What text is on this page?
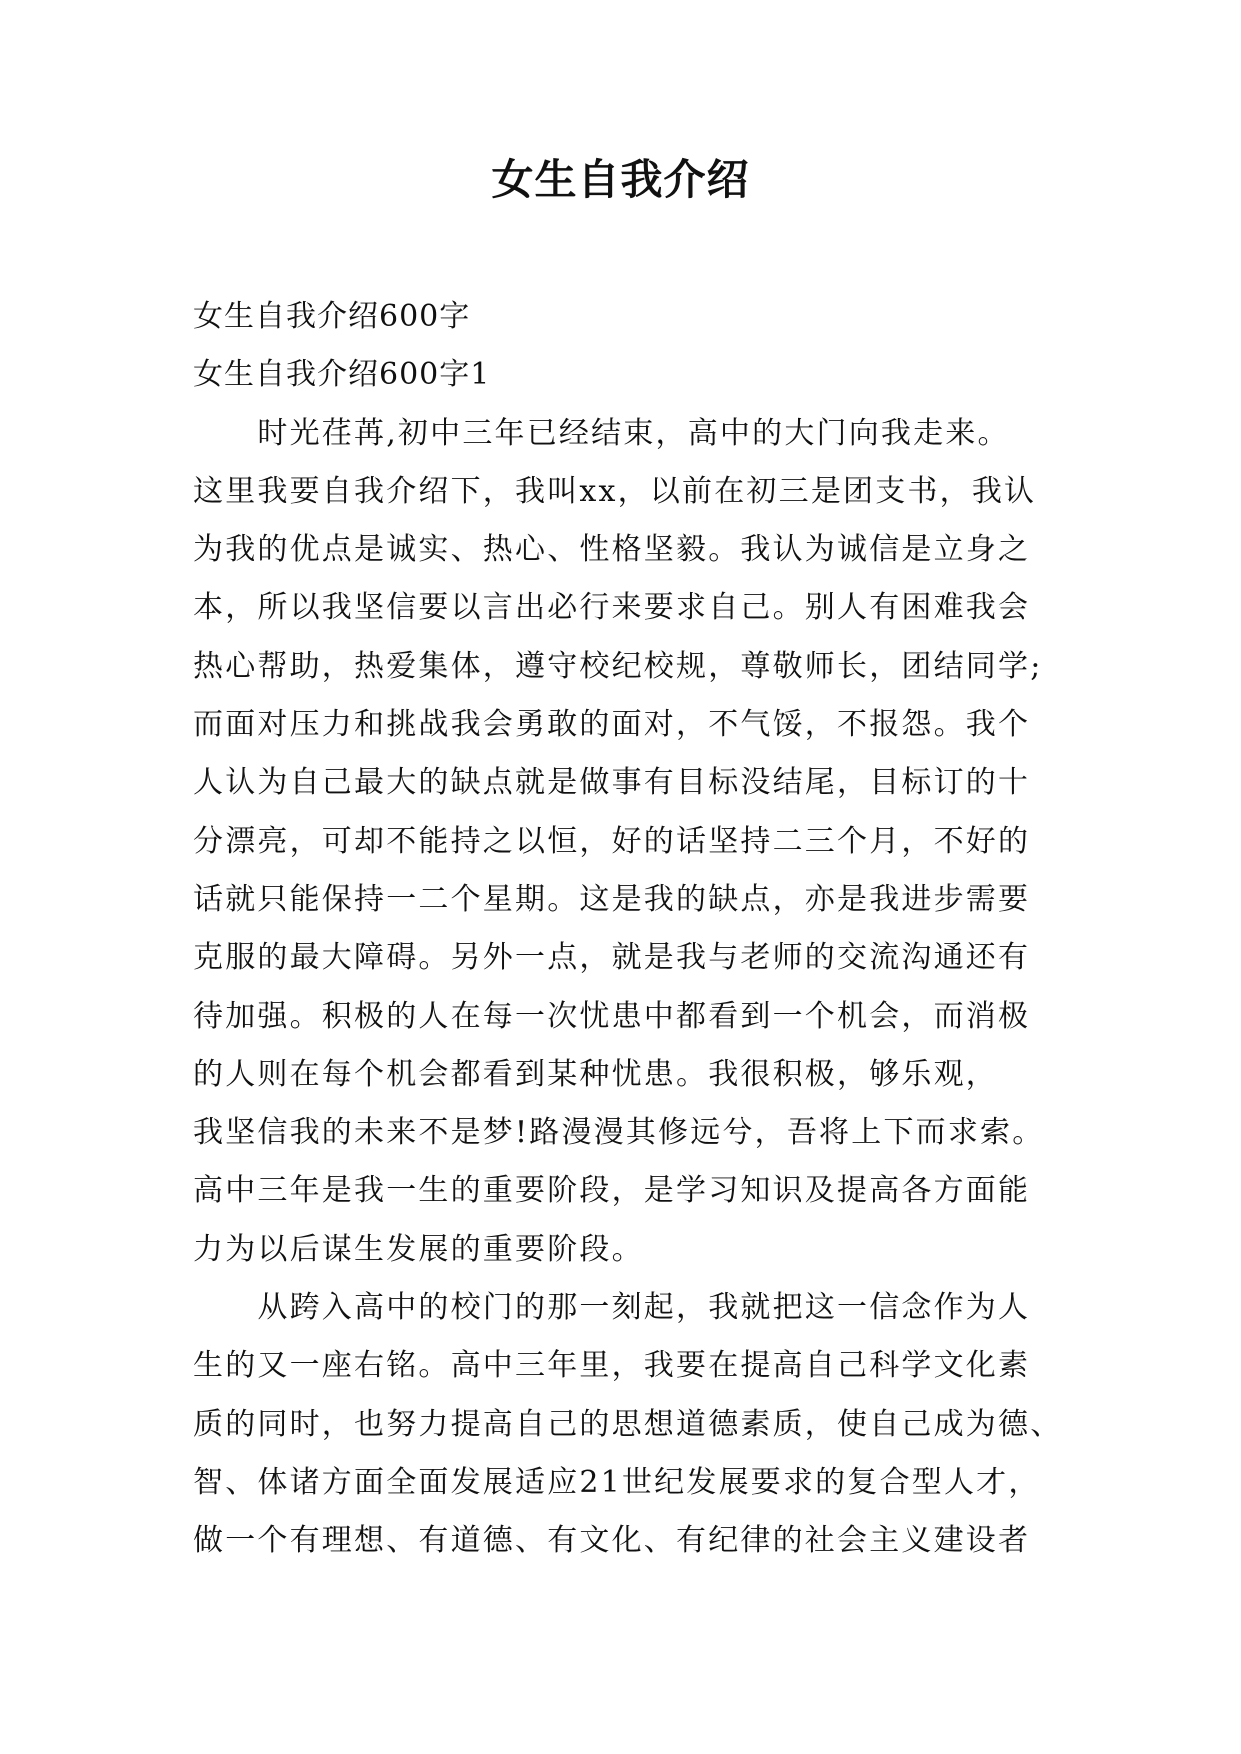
女生自我介绍
女生自我介绍600字
女生自我介绍600字1
　　时光荏苒,初中三年已经结束，高中的大门向我走来。
这里我要自我介绍下，我叫xx，以前在初三是团支书，我认
为我的优点是诚实、热心、性格坚毅。我认为诚信是立身之
本，所以我坚信要以言出必行来要求自己。别人有困难我会
热心帮助，热爱集体，遵守校纪校规，尊敬师长，团结同学;
而面对压力和挑战我会勇敢的面对，不气馁，不报怨。我个
人认为自己最大的缺点就是做事有目标没结尾，目标订的十
分漂亮，可却不能持之以恒，好的话坚持二三个月，不好的
话就只能保持一二个星期。这是我的缺点，亦是我进步需要
克服的最大障碍。另外一点，就是我与老师的交流沟通还有
待加强。积极的人在每一次忧患中都看到一个机会，而消极
的人则在每个机会都看到某种忧患。我很积极，够乐观，
我坚信我的未来不是梦!路漫漫其修远兮，吾将上下而求索。
高中三年是我一生的重要阶段，是学习知识及提高各方面能
力为以后谋生发展的重要阶段。
　　从跨入高中的校门的那一刻起，我就把这一信念作为人
生的又一座右铭。高中三年里，我要在提高自己科学文化素
质的同时，也努力提高自己的思想道德素质，使自己成为德、
智、体诸方面全面发展适应21世纪发展要求的复合型人才，
做一个有理想、有道德、有文化、有纪律的社会主义建设者
